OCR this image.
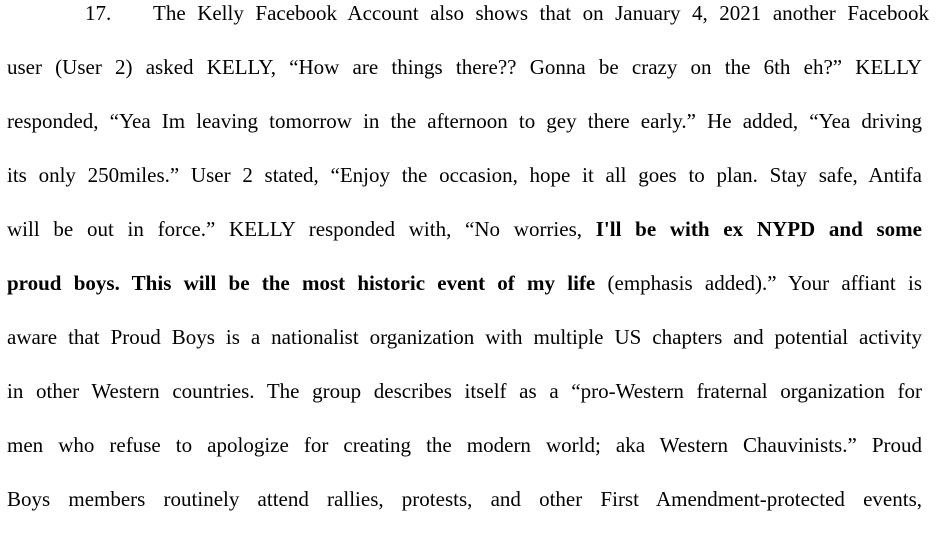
17. The Kelly Facebook Account also shows that on January 4, 2021 another Facebook
user (User 2) asked KELLY, “How are things there?? Gonna be crazy on the 6th eh?” KELLY
responded, “Yea Im leaving tomorrow in the afternoon to gey there early.” He added, “Yea driving
its only 250miles.” User 2 stated, “Enjoy the occasion, hope it all goes to plan. Stay safe, Antifa
will be out in force.” KELLY responded with, “No worries, I'll be with ex NYPD and some
proud boys. This will be the most historic event of my life (emphasis added).” Your affiant is
aware that Proud Boys is a nationalist organization with multiple US chapters and potential activity
in other Western countries. The group describes itself as a “pro-Western fraternal organization for
men who refuse to apologize for creating the modern world; aka Western Chauvinists.” Proud
Boys members routinely attend rallies, protests, and other First Amendment-protected events,
